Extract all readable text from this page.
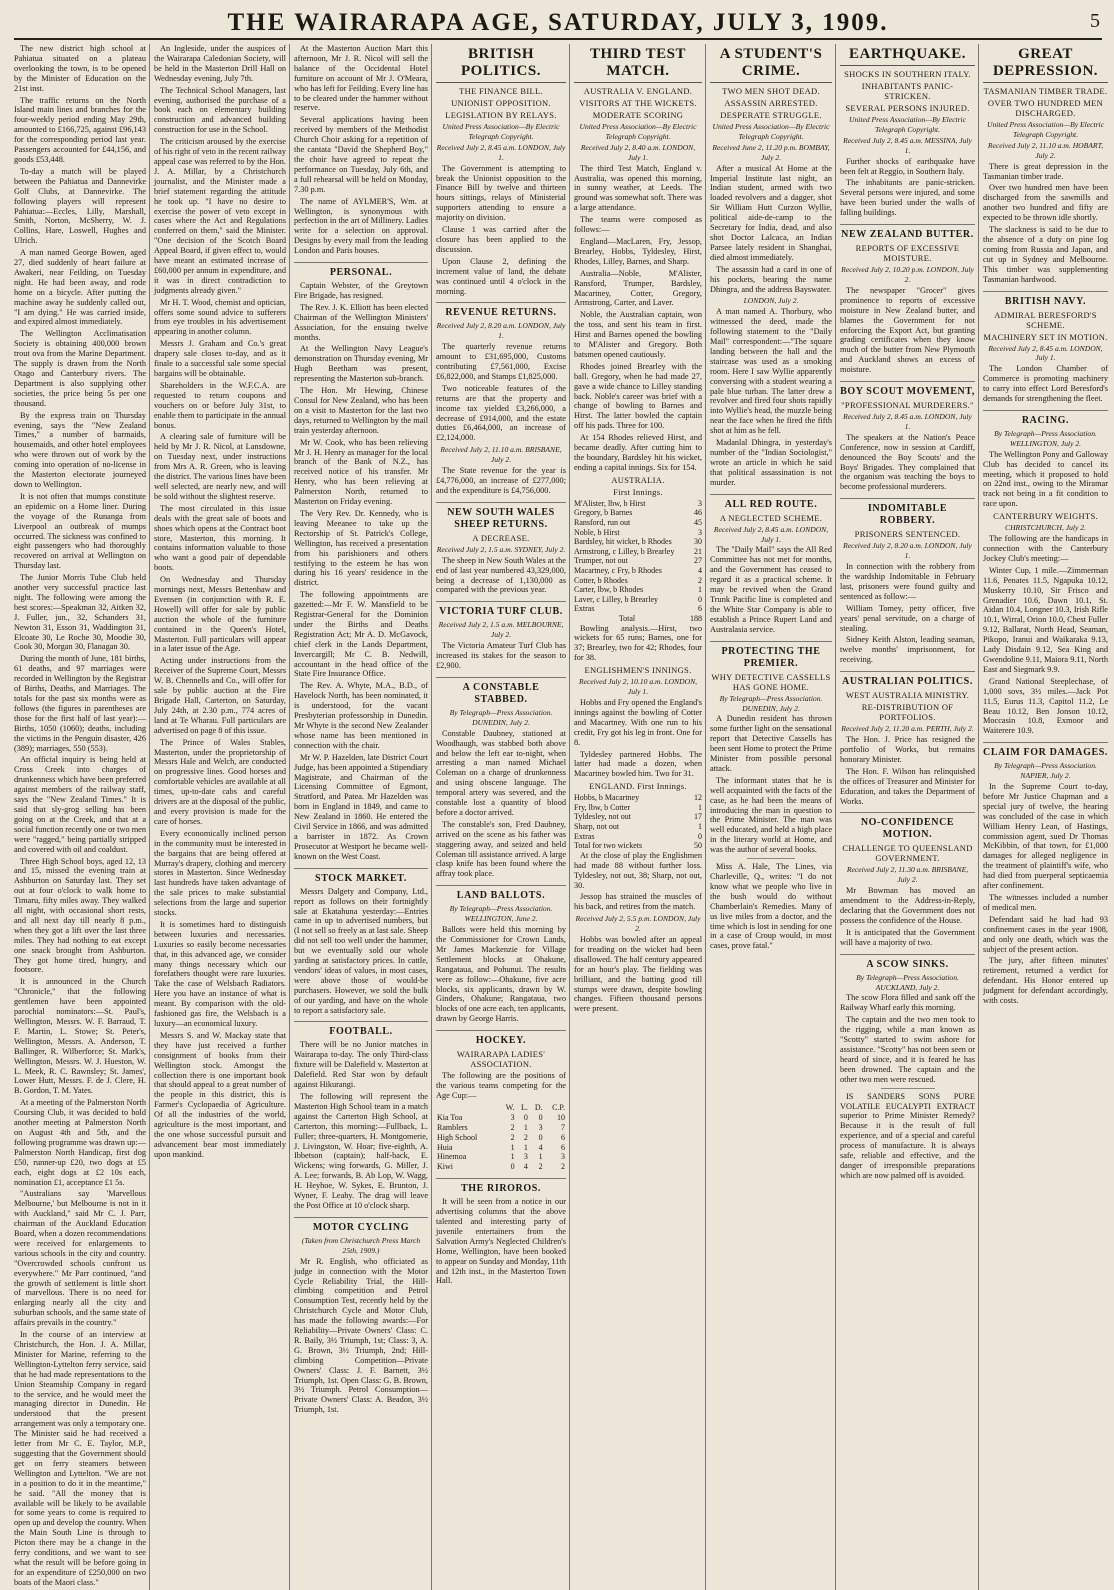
THE WAIRARAPA AGE, SATURDAY, JULY 3, 1909.	5

The new district high school at Pahiatua situated on a plateau overlooking the town, is to be opened by the Minister of Education on the 21st inst.

The traffic returns on the North Island main lines and branches for the four-weekly period ending May 29th, amounted to £166,725, against £96,143 for the corresponding period last year. Passengers accounted for £44,156, and goods £53,448.

To-day a match will be played between the Pahiatua and Dannevirke Golf Clubs, at Dannevirke. The following players will represent Pahiatua:—Eccles, Lilly, Marshall, Smith, Norton, McSherry, W. J. Collins, Hare, Loswell, Hughes and Ulrich.

A man named George Bowen, aged 27, died suddenly of heart failure at Awakeri, near Feilding, on Tuesday night. He had been away, and rode home on a bicycle. After putting the machine away he suddenly called out, "I am dying." He was carried inside, and expired almost immediately.

The Wellington Acclimatisation Society is obtaining 400,000 brown trout ova from the Marine Department. The supply is drawn from the North Otago and Canterbury rivers. The Department is also supplying other societies, the price being 5s per one thousand.

By the express train on Thursday evening, says the "New Zealand Times," a number of barmaids, housemaids, and other hotel employees who were thrown out of work by the coming into operation of no-license in the Masterton electorate journeyed down to Wellington.

It is not often that mumps constitute an epidemic on a Home liner. During the voyage of the Runanga from Liverpool an outbreak of mumps occurred. The sickness was confined to eight passengers who had thoroughly recovered on arrival at Wellington on Thursday last.

The Junior Morris Tube Club held another very successful practice last night. The following were among the best scores:—Speakman 32, Aitken 32, J. Fuller, jun., 32, Schanders 31, Newton 31, Esson 31, Waddington 31, Elcoate 30, Le Roche 30, Moodie 30, Cook 30, Morgan 30, Flanagan 30.

During the month of June, 181 births, 61 deaths, and 97 marriages were recorded in Wellington by the Registrar of Births, Deaths, and Marriages. The totals for the past six months were as follows (the figures in parentheses are those for the first half of last year):—Births, 1050 (1060); deaths, including the victims in the Penguin disaster, 426 (389); marriages, 550 (553).

An official inquiry is being held at Cross Creek into charges of drunkenness which have been preferred against members of the railway staff, says the "New Zealand Times." It is said that sly-grog selling has been going on at the Creek, and that at a social function recently one or two men were "ragged," being partially stripped and covered with oil and coaldust.

Three High School boys, aged 12, 13 and 15, missed the evening train at Ashburton on Saturday last. They set out at four o'clock to walk home to Timaru, fifty miles away. They walked all night, with occasional short rests, and all next day till nearly 8 p.m., when they got a lift over the last three miles. They had nothing to eat except one snack brought from Ashburton. They got home tired, hungry, and footsore.

It is announced in the Church "Chronicle," that the following gentlemen have been appointed parochial nominators:—St. Paul's, Wellington, Messrs. W. F. Barraud, T. F. Martin, L. Stowe; St. Peter's, Wellington, Messrs. A. Anderson, T. Ballinger, R. Wilberforce; St. Mark's, Wellington, Messrs. W. J. Hueston, W. L. Meek, R. C. Rawnsley; St. James', Lower Hutt, Messrs. F. de J. Clere, H. B. Gordon, T. M. Yates.

At a meeting of the Palmerston North Coursing Club, it was decided to hold another meeting at Palmerston North on August 4th and 5th, and the following programme was drawn up:—Palmerston North Handicap, first dog £50, runner-up £20, two dogs at £5 each, eight dogs at £2 10s each, nomination £1, acceptance £1 5s.

"Australians say 'Marvellous Melbourne,' but Melbourne is not in it with Auckland," said Mr C. J. Parr, chairman of the Auckland Education Board, when a dozen recommendations were received for enlargements to various schools in the city and country. "Overcrowded schools confront us everywhere." Mr Parr continued, "and the growth of settlement is little short of marvellous. There is no need for enlarging nearly all the city and suburban schools, and the same state of affairs prevails in the country."

In the course of an interview at Christchurch, the Hon. J. A. Millar, Minister for Marine, referring to the Wellington-Lyttelton ferry service, said that he had made representations to the Union Steamship Company in regard to the service, and he would meet the managing director in Dunedin. He understood that the present arrangement was only a temporary one. The Minister said he had received a letter from Mr C. E. Taylor, M.P., suggesting that the Government should get on ferry steamers between Wellington and Lyttelton. "We are not in a position to do it in the meantime," he said. "All the money that is available will be likely to be available for some years to come is required to open up and develop the country. When the Main South Line is through to Picton there may be a change in the ferry conditions, and we want to see what the result will be before going in for an expenditure of £250,000 on two boats of the Maori class."

An Ingleside, under the auspices of the Wairarapa Caledonian Society, will be held in the Masterton Drill Hall on Wednesday evening, July 7th.

The Technical School Managers, last evening, authorised the purchase of a book each on elementary building construction and advanced building construction for use in the School.

The criticism aroused by the exercise of his right of veto in the recent railway appeal case was referred to by the Hon. J. A. Millar, by a Christchurch journalist, and the Minister made a brief statement regarding the attitude he took up. "I have no desire to exercise the power of veto except in cases where the Act and Regulations conferred on them," said the Minister. "One decision of the Scotch Board Appeal Board, if given effect to, would have meant an estimated increase of £60,000 per annum in expenditure, and it was in direct contradiction to judgments already given."

Mr H. T. Wood, chemist and optician, offers some sound advice to sufferers from eye troubles in his advertisement appearing in another column.

Messrs J. Graham and Co.'s great drapery sale closes to-day, and as it finale to a successful sale some special bargains will be obtainable.

Shareholders in the W.F.C.A. are requested to return coupons and vouchers on or before July 31st, to enable them to participate in the annual bonus.

A clearing sale of furniture will be held by Mr J. R. Nicol, at Lansdowne, on Tuesday next, under instructions from Mrs A. R. Green, who is leaving the district. The various lines have been well selected, are nearly new, and will be sold without the slightest reserve.

The most circulated in this issue deals with the great sale of boots and shoes which opens at the Contract boot store, Masterton, this morning. It contains information valuable to those who want a good pair of dependable boots.

On Wednesday and Thursday mornings next, Messrs Bettenhaw and Evensen (in conjunction with R. E. Howell) will offer for sale by public auction the whole of the furniture contained in the Queen's Hotel, Masterton. Full particulars will appear in a later issue of the Age.

Acting under instructions from the Receiver of the Supreme Court, Messrs W. B. Chennells and Co., will offer for sale by public auction at the Fire Brigade Hall, Carterton, on Saturday, July 24th, at 2.30 p.m., 774 acres of land at Te Wharau. Full particulars are advertised on page 8 of this issue.

The Prince of Wales Stables, Masterton, under the proprietorship of Messrs Hale and Welch, are conducted on progressive lines. Good horses and comfortable vehicles are available at all times, up-to-date cabs and careful drivers are at the disposal of the public, and every provision is made for the care of horses.

Every economically inclined person in the community must be interested in the bargains that are being offered at Murray's drapery, clothing and mercery stores in Masterton. Since Wednesday last hundreds have taken advantage of the sale prices to make substantial selections from the large and superior stocks.

It is sometimes hard to distinguish between luxuries and necessaries. Luxuries so easily become necessaries that, in this advanced age, we consider many things necessary which our forefathers thought were rare luxuries. Take the case of Welsbach Radiators. Here you have an instance of what is meant. By comparison with the old-fashioned gas fire, the Welsbach is a luxury—an economical luxury.

Messrs S. and W. Mackay state that they have just received a further consignment of books from their Wellington stock. Amongst the collection there is one important book that should appeal to a great number of the people in this district, this is Farmer's Cyclopaedia of Agriculture. Of all the industries of the world, agriculture is the most important, and the one whose successful pursuit and advancement bear most immediately upon mankind.

At the Masterton Auction Mart this afternoon, Mr J. R. Nicol will sell the balance of the Occidental Hotel furniture on account of Mr J. O'Meara, who has left for Feilding. Every line has to be cleared under the hammer without reserve.

Several applications having been received by members of the Methodist Church Choir asking for a repetition of the cantata "David the Shepherd Boy," the choir have agreed to repeat the performance on Tuesday, July 6th, and a full rehearsal will be held on Monday, 7.30 p.m.

The name of AYLMER'S, Wm. at Wellington, is synonymous with perfection in the art of Millinery. Ladies write for a selection on approval. Designs by every mail from the leading London and Paris houses.

PERSONAL.

Captain Webster, of the Greytown Fire Brigade, has resigned.

The Rev. J. K. Elliott has been elected Chairman of the Wellington Ministers' Association, for the ensuing twelve months.

At the Wellington Navy League's demonstration on Thursday evening, Mr Hugh Beetham was present, representing the Masterton sub-branch.

The Hon. Mr Hewing, Chinese Consul for New Zealand, who has been on a visit to Masterton for the last two days, returned to Wellington by the mail train yesterday afternoon.

Mr W. Cook, who has been relieving Mr J. H. Henry as manager for the local branch of the Bank of N.Z., has received notice of his transfer. Mr Henry, who has been relieving at Palmerston North, returned to Masterton on Friday evening.

The Very Rev. Dr. Kennedy, who is leaving Meeanee to take up the Rectorship of St. Patrick's College, Wellington, has received a presentation from his parishioners and others testifying to the esteem he has won during his 16 years' residence in the district.

The following appointments are gazetted:—Mr F. W. Mansfield to be Registrar-General for the Dominion under the Births and Deaths Registration Act; Mr A. D. McGavock, chief clerk in the Lands Department, Invercargill; Mr C. B. Nedwill, accountant in the head office of the State Fire Insurance Office.

The Rev. A. Whyte, M.A., B.D., of Havelock North, has been nominated, it is understood, for the vacant Presbyterian professorship in Dunedin. Mr Whyte is the second New Zealander whose name has been mentioned in connection with the chair.

Mr W. P. Hazelden, late District Court Judge, has been appointed a Stipendiary Magistrate, and Chairman of the Licensing Committee of Egmont, Stratford, and Patea. Mr Hazelden was born in England in 1849, and came to New Zealand in 1860. He entered the Civil Service in 1866, and was admitted a barrister in 1872. As Crown Prosecutor at Westport he became well-known on the West Coast.

STOCK MARKET.

Messrs Dalgety and Company, Ltd., report as follows on their fortnightly sale at Ekatahuna yesterday:—Entries came in up to advertised numbers, but (I not sell so freely as at last sale. Sheep did not sell too well under the hammer, but we eventually sold our whole yarding at satisfactory prices. In cattle, vendors' ideas of values, in most cases, were above those of would-be purchasers. However, we sold the bulk of our yarding, and have on the whole to report a satisfactory sale.

FOOTBALL.

There will be no Junior matches in Wairarapa to-day. The only Third-class fixture will be Dalefield v. Masterton at Dalefield. Red Star won by default against Hikurangi.

The following will represent the Masterton High School team in a match against the Carterton High School, at Carterton, this morning:—Fullback, L. Fuller; three-quarters, H. Montgomerie, J. Livingston, W. Hoar; five-eighth, A. Ibbetson (captain); half-back, E. Wickens; wing forwards, G. Miller, J. A. Lee; forwards, B. Ab Lop, W. Wagg, H. Heyhoe, W. Sykes, E. Brunton, J. Wyner, F. Leahy. The drag will leave the Post Office at 10 o'clock sharp.

MOTOR CYCLING
(Taken from Christchurch Press March 25th, 1909.)

Mr R. English, who officiated as judge in connection with the Motor Cycle Reliability Trial, the Hill-climbing competition and Petrol Consumption Test, recently held by the Christchurch Cycle and Motor Club, has made the following awards:—For Reliability—Private Owners' Class: C. R. Baily, 3½ Triumph, 1st; Class: 3, A. G. Brown, 3½ Triumph, 2nd; Hill-climbing Competition—Private Owners' Class: J. F. Barnett, 3½ Triumph, 1st. Open Class: G. B. Brown, 3½ Triumph. Petrol Consumption—Private Owners' Class: A. Beadon, 3½ Triumph, 1st.

BRITISH POLITICS.
THE FINANCE BILL.
UNIONIST OPPOSITION.
LEGISLATION BY RELAYS.
United Press Association—By Electric Telegraph Copyright.
Received July 2, 8.45 a.m. LONDON, July 1.

The Government is attempting to break the Unionist opposition to the Finance Bill by twelve and thirteen hours sittings, relays of Ministerial supporters attending to ensure a majority on division.

Clause 1 was carried after the closure has been applied to the discussion.

Upon Clause 2, defining the increment value of land, the debate was continued until 4 o'clock in the morning.

REVENUE RETURNS.
Received July 2, 8.20 a.m. LONDON, July 1.

The quarterly revenue returns amount to £31,695,000, Customs contributing £7,561,000, Excise £6,822,000, and Stamps £1,825,000.

Two noticeable features of the returns are that the property and income tax yielded £3,266,000, a decrease of £914,000, and the estate duties £6,464,000, an increase of £2,124,000.

Received July 2, 11.10 a.m. BRISBANE, July 2.

The State revenue for the year is £4,776,000, an increase of £277,000; and the expenditure is £4,756,000.

NEW SOUTH WALES SHEEP RETURNS.
A DECREASE.
Received July 2, 1.5 a.m. SYDNEY, July 2.

The sheep in New South Wales at the end of last year numbered 43,329,000, being a decrease of 1,130,000 as compared with the previous year.

VICTORIA TURF CLUB.
Received July 2, 1.5 a.m. MELBOURNE, July 2.

The Victoria Amateur Turf Club has increased its stakes for the season to £2,900.

A CONSTABLE STABBED.
By Telegraph—Press Association. DUNEDIN, July 2.

Constable Daubney, stationed at Woodhaugh, was stabbed both above and below the left ear to-night, when arresting a man named Michael Coleman on a charge of drunkenness and using obscene language. The temporal artery was severed, and the constable lost a quantity of blood before a doctor arrived.

The constable's son, Fred Daubney, arrived on the scene as his father was staggering away, and seized and held Coleman till assistance arrived. A large clasp knife has been found where the affray took place.

LAND BALLOTS.
By Telegraph—Press Association. WELLINGTON, June 2.

Ballots were held this morning by the Commissioner for Crown Lands, Mr James Mackenzie for Village Settlement blocks at Ohakune, Rangataua, and Pohunui. The results were as follow:—Ohakune, five acre blocks, six applicants, drawn by W. Ginders, Ohakune; Rangataua, two blocks of one acre each, ten applicants, drawn by George Harris.

HOCKEY.
WAIRARAPA LADIES' ASSOCIATION.

The following are the positions of the various teams competing for the Age Cup:—

	W.	L.	D.	C.P.
Kia Toa	3	0	0	10
Ramblers	2	1	3	7
High School	2	2	0	6
Huia	1	1	4	6
Hinemoa	1	3	1	3
Kiwi	0	4	2	2
THE RIROROS.

It will be seen from a notice in our advertising columns that the above talented and interesting party of juvenile entertainers from the Salvation Army's Neglected Children's Home, Wellington, have been booked to appear on Sunday and Monday, 11th and 12th inst., in the Masterton Town Hall.

THIRD TEST MATCH.
AUSTRALIA V. ENGLAND.
VISITORS AT THE WICKETS.
MODERATE SCORING
United Press Association—By Electric Telegraph Copyright.
Received July 2, 8.40 a.m. LONDON, July 1.

The third Test Match, England v. Australia, was opened this morning, in sunny weather, at Leeds. The ground was somewhat soft. There was a large attendance.

The teams were composed as follows:—

England—MacLaren, Fry, Jessop, Brearley, Hobbs, Tyldesley, Hirst, Rhodes, Lilley, Barnes, and Sharp.

Australia—Noble, M'Alister, Ransford, Trumper, Bardsley, Macartney, Cotter, Gregory, Armstrong, Carter, and Laver.

Noble, the Australian captain, won the toss, and sent his team in first. Hirst and Barnes opened the bowling to M'Alister and Gregory. Both batsmen opened cautiously.

Rhodes joined Brearley with the ball. Gregory, when he had made 27, gave a wide chance to Lilley standing back. Noble's career was brief with a change of bowling to Barnes and Hirst. The latter bowled the captain off his pads. Three for 100.

At 154 Rhodes relieved Hirst, and became deadly. After cutting him to the boundary, Bardsley hit his wicket, ending a capital innings. Six for 154.

AUSTRALIA.
First Innings.
M'Alister, lbw, b Hirst	3
Gregory, b Barnes	46
Ransford, run out	45
Noble, b Hirst	3
Bardsley, hit wicket, b Rhodes	30
Armstrong, c Lilley, b Brearley	21
Trumper, not out	27
Macartney, c Fry, b Rhodes	4
Cotter, b Rhodes	2
Carter, lbw, b Rhodes	1
Laver, c Lilley, b Brearley	0
Extras	6
Total	188

Bowling analysis.—Hirst, two wickets for 65 runs; Barnes, one for 37; Brearley, two for 42; Rhodes, four for 38.

ENGLISHMEN'S INNINGS.
Received July 2, 10.10 a.m. LONDON, July 1.

Hobbs and Fry opened the England's innings against the bowling of Cotter and Macartney. With one run to his credit, Fry got his leg in front. One for 8.

Tyldesley partnered Hobbs. The latter had made a dozen, when Macartney bowled him. Two for 31.

ENGLAND. First Innings.
Hobbs, b Macartney	12
Fry, lbw, b Cotter	1
Tyldesley, not out	17
Sharp, not out	1
Extras	0
Total for two wickets	50

At the close of play the Englishmen had made 88 without further loss. Tyldesley, not out, 38; Sharp, not out, 30.

Jessop has strained the muscles of his back, and retires from the match.

Received July 2, 5.5 p.m. LONDON, July 2.

Hobbs was bowled after an appeal for treading on the wicket had been disallowed. The half century appeared for an hour's play. The fielding was brilliant, and the batting good till stumps were drawn, despite bowling changes. Fifteen thousand persons were present.

A STUDENT'S CRIME.
TWO MEN SHOT DEAD.
ASSASSIN ARRESTED.
DESPERATE STRUGGLE.
United Press Association—By Electric Telegraph Copyright.
Received June 2, 11.20 p.m. BOMBAY, July 2.

After a musical At Home at the Imperial Institute last night, an Indian student, armed with two loaded revolvers and a dagger, shot Sir William Hutt Curzon Wyllie, political aide-de-camp to the Secretary for India, dead, and also shot Doctor Lalcaca, an Indian Parsee lately resident in Shanghai, died almost immediately.

The assassin had a card in one of his pockets, bearing the name Dhingra, and the address Bayswater.

LONDON, July 2.

A man named A. Thorbury, who witnessed the deed, made the following statement to the "Daily Mail" correspondent:—"The square landing between the hall and the staircase was used as a smoking room. Here I saw Wyllie apparently conversing with a student wearing a pale blue turban. The latter drew a revolver and fired four shots rapidly into Wyllie's head, the muzzle being near the face when he fired the fifth shot at him as he fell.

Madanlal Dhingra, in yesterday's number of the "Indian Sociologist," wrote an article in which he said that political assassination is not murder.

ALL RED ROUTE.
A NEGLECTED SCHEME.
Received July 2, 8.45 a.m. LONDON, July 1.

The "Daily Mail" says the All Red Committee has not met for months, and the Government has ceased to regard it as a practical scheme. It may be revived when the Grand Trunk Pacific line is completed and the White Star Company is able to establish a Prince Rupert Land and Australasia service.

PROTECTING THE PREMIER.
WHY DETECTIVE CASSELLS HAS GONE HOME.
By Telegraph—Press Association. DUNEDIN, July 2.

A Dunedin resident has thrown some further light on the sensational report that Detective Cassells has been sent Home to protect the Prime Minister from possible personal attack.

The informant states that he is well acquainted with the facts of the case, as he had been the means of introducing the man in question to the Prime Minister. The man was well educated, and held a high place in the literary world at Home, and was the author of several books.

Miss A. Hale, The Lines, via Charleville, Q., writes: "I do not know what we people who live in the bush would do without Chamberlain's Remedies. Many of us live miles from a doctor, and the time which is lost in sending for one in a case of Croup would, in most cases, prove fatal."

EARTHQUAKE.
SHOCKS IN SOUTHERN ITALY.
INHABITANTS PANIC-STRICKEN.
SEVERAL PERSONS INJURED.
United Press Association—By Electric Telegraph Copyright.
Received July 2, 8.45 a.m. MESSINA, July 1.

Further shocks of earthquake have been felt at Reggio, in Southern Italy.

The inhabitants are panic-stricken. Several persons were injured, and some have been buried under the walls of falling buildings.

NEW ZEALAND BUTTER.
REPORTS OF EXCESSIVE MOISTURE.
Received July 2, 10.20 p.m. LONDON, July 2.

The newspaper "Grocer" gives prominence to reports of excessive moisture in New Zealand butter, and blames the Government for not enforcing the Export Act, but granting grading certificates when they know much of the butter from New Plymouth and Auckland shows an excess of moisture.

BOY SCOUT MOVEMENT,
"PROFESSIONAL MURDERERS."
Received July 2, 8.45 a.m. LONDON, July 1.

The speakers at the Nation's Peace Conference, now in session at Cardiff, denounced the Boy Scouts' and the Boys' Brigades. They complained that the organism was teaching the boys to become professional murderers.

INDOMITABLE ROBBERY.
PRISONERS SENTENCED.
Received July 2, 8.20 a.m. LONDON, July 1.

In connection with the robbery from the wardship Indomitable in February last, prisoners were found guilty and sentenced as follow:—

William Tomey, petty officer, five years' penal servitude, on a charge of stealing.

Sidney Keith Alston, leading seaman, twelve months' imprisonment, for receiving.

AUSTRALIAN POLITICS.
WEST AUSTRALIA MINISTRY.
RE-DISTRIBUTION OF PORTFOLIOS.
Received July 2, 11.20 a.m. PERTH, July 2.

The Hon. J. Price has resigned the portfolio of Works, but remains honorary Minister.

The Hon. F. Wilson has relinquished the offices of Treasurer and Minister for Education, and takes the Department of Works.

NO-CONFIDENCE MOTION.
CHALLENGE TO QUEENSLAND GOVERNMENT.
Received July 2, 11.30 a.m. BRISBANE, July 2.

Mr Bowman has moved an amendment to the Address-in-Reply, declaring that the Government does not possess the confidence of the House.

It is anticipated that the Government will have a majority of two.

A SCOW SINKS.
By Telegraph—Press Association. AUCKLAND, July 2.

The scow Flora filled and sank off the Railway Wharf early this morning.

The captain and the two men took to the rigging, while a man known as "Scotty" started to swim ashore for assistance. "Scotty" has not been seen or heard of since, and it is feared he has been drowned. The captain and the other two men were rescued.

IS SANDERS SONS PURE VOLATILE EUCALYPTI EXTRACT superior to Prime Minister Remedy? Because it is the result of full experience, and of a special and careful process of manufacture. It is always safe, reliable and effective, and the danger of irresponsible preparations which are now palmed off is avoided.

GREAT DEPRESSION.
TASMANIAN TIMBER TRADE.
OVER TWO HUNDRED MEN DISCHARGED.
United Press Association—By Electric Telegraph Copyright.
Received July 2, 11.10 a.m. HOBART, July 2.

There is great depression in the Tasmanian timber trade.

Over two hundred men have been discharged from the sawmills and another two hundred and fifty are expected to be thrown idle shortly.

The slackness is said to be due to the absence of a duty on pine log coming from Russia and Japan, and cut up in Sydney and Melbourne. This timber was supplementing Tasmanian hardwood.

BRITISH NAVY.
ADMIRAL BERESFORD'S SCHEME.
MACHINERY SET IN MOTION.
Received July 2, 8.45 a.m. LONDON, July 1.

The London Chamber of Commerce is promoting machinery to carry into effect Lord Beresford's demands for strengthening the fleet.

RACING.
By Telegraph—Press Association. WELLINGTON, July 2.

The Wellington Pony and Galloway Club has decided to cancel its meeting, which it proposed to hold on 22nd inst., owing to the Miramar track not being in a fit condition to race upon.

CANTERBURY WEIGHTS.
CHRISTCHURCH, July 2.

The following are the handicaps in connection with the Canterbury Jockey Club's meeting:—

Winter Cup, 1 mile.—Zimmerman 11.6, Penates 11.5, Ngapuka 10.12, Muskerry 10.10, Sir Frisco and Grenadier 10.6, Dawn 10.1, St. Aidan 10.4, Longner 10.3, Irish Rifle 10.1, Wirral, Orion 10.0, Chest Fuller 9.12, Ballarat, North Head, Seaman, Pikopo, Iranui and Waikaraka 9.13, Lady Disdain 9.12, Sea King and Gwendoline 9.11, Maiora 9.11, North East and Siegmark 9.9.

Grand National Steeplechase, of 1,000 sovs, 3½ miles.—Jack Pot 11.5, Eurus 11.3, Capitol 11.2, Le Beau 10.12, Ben Jonson 10.12, Moccasin 10.8, Exmoor and Waiterere 10.9.

CLAIM FOR DAMAGES.
By Telegraph—Press Association. NAPIER, July 2.

In the Supreme Court to-day, before Mr Justice Chapman and a special jury of twelve, the hearing was concluded of the case in which William Henry Lean, of Hastings, commission agent, sued Dr Thomas McKibbin, of that town, for £1,000 damages for alleged negligence in the treatment of plaintiff's wife, who had died from puerperal septicaemia after confinement.

The witnesses included a number of medical men.

Defendant said he had had 93 confinement cases in the year 1908, and only one death, which was the subject of the present action.

The jury, after fifteen minutes' retirement, returned a verdict for defendant. His Honor entered up judgment for defendant accordingly, with costs.
